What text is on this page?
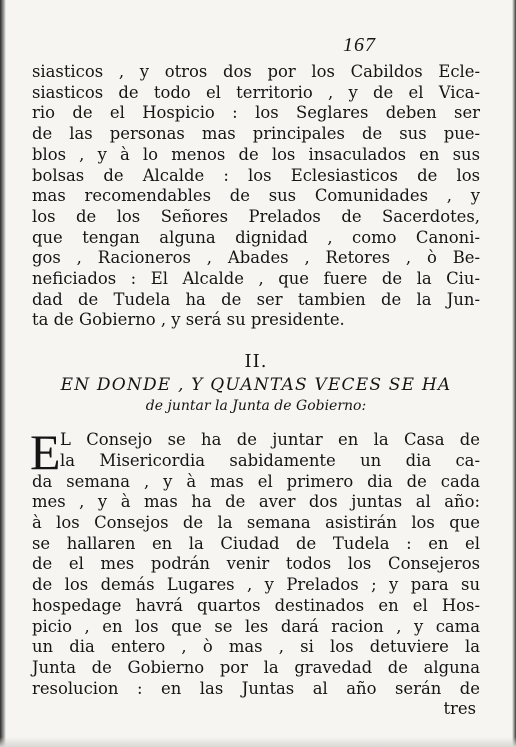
167
siasticos , y otros dos por los Cabildos Ecle-
siasticos de todo el territorio , y de el Vica-
rio de el Hospicio : los Seglares deben ser
de las personas mas principales de sus pue-
blos , y à lo menos de los insaculados en sus
bolsas de Alcalde : los Eclesiasticos de los
mas recomendables de sus Comunidades , y
los de los Señores Prelados de Sacerdotes,
que tengan alguna dignidad , como Canoni-
gos , Racioneros , Abades , Retores , ò Be-
neficiados : El Alcalde , que fuere de la Ciu-
dad de Tudela ha de ser tambien de la Jun-
ta de Gobierno , y será su presidente.
II.
EN DONDE , Y QUANTAS VECES SE HA
de juntar la Junta de Gobierno:
E L Consejo se ha de juntar en la Casa de
la Misericordia sabidamente un dia ca-
da semana , y à mas el primero dia de cada
mes , y à mas ha de aver dos juntas al año:
à los Consejos de la semana asistirán los que
se hallaren en la Ciudad de Tudela : en el
de el mes podrán venir todos los Consejeros
de los demás Lugares , y Prelados ; y para su
hospedage havrá quartos destinados en el Hos-
picio , en los que se les dará racion , y cama
un dia entero , ò mas , si los detuviere la
Junta de Gobierno por la gravedad de alguna
resolucion : en las Juntas al año serán de
tres
